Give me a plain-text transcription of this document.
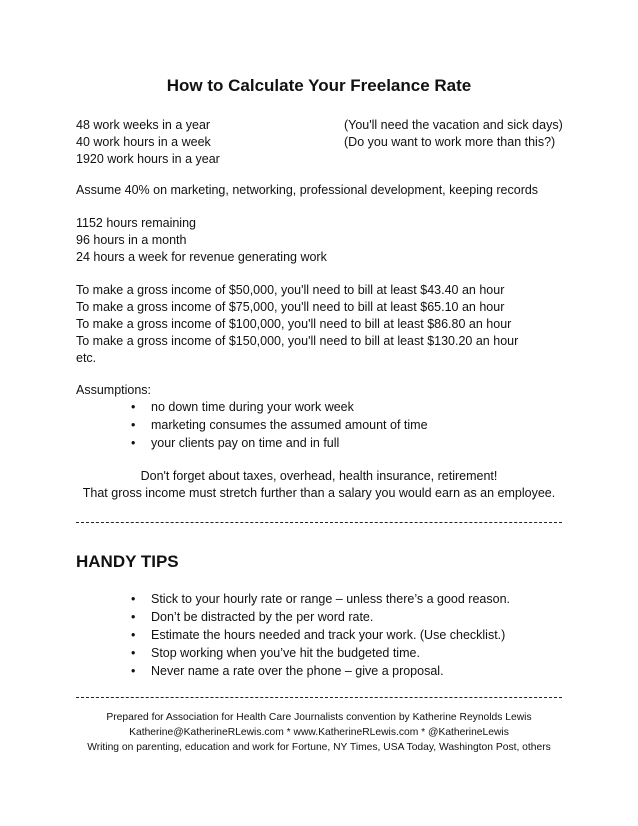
How to Calculate Your Freelance Rate
48 work weeks in a year	(You'll need the vacation and sick days)
40 work hours in a week	(Do you want to work more than this?)
1920 work hours in a year
Assume 40% on marketing, networking, professional development, keeping records
1152 hours remaining
96 hours in a month
24 hours a week for revenue generating work
To make a gross income of $50,000, you'll need to bill at least $43.40 an hour
To make a gross income of $75,000, you'll need to bill at least $65.10 an hour
To make a gross income of $100,000, you'll need to bill at least $86.80 an hour
To make a gross income of $150,000, you'll need to bill at least $130.20 an hour
etc.
Assumptions:
• no down time during your work week
• marketing consumes the assumed amount of time
• your clients pay on time and in full
Don't forget about taxes, overhead, health insurance, retirement!
That gross income must stretch further than a salary you would earn as an employee.
HANDY TIPS
• Stick to your hourly rate or range – unless there’s a good reason.
• Don’t be distracted by the per word rate.
• Estimate the hours needed and track your work. (Use checklist.)
• Stop working when you’ve hit the budgeted time.
• Never name a rate over the phone – give a proposal.
Prepared for Association for Health Care Journalists convention by Katherine Reynolds Lewis
Katherine@KatherineRLewis.com * www.KatherineRLewis.com * @KatherineLewis
Writing on parenting, education and work for Fortune, NY Times, USA Today, Washington Post, others
